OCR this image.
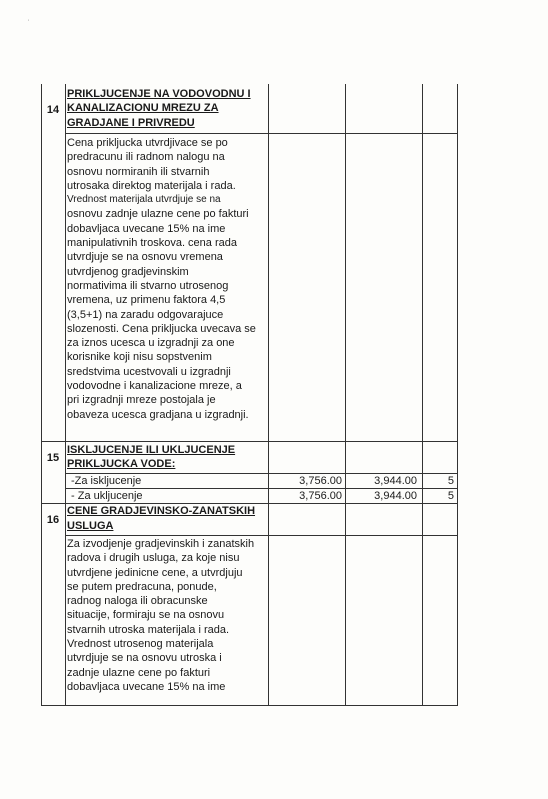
'
14
PRIKLJUCENJE NA VODOVODNU I
KANALIZACIONU MREZU ZA
GRADJANE I PRIVREDU
Cena prikljucka utvrdjivace se po
predracunu ili radnom nalogu na
osnovu normiranih ili stvarnih
utrosaka direktog materijala i rada.
Vrednost materijala utvrdjuje se na
osnovu zadnje ulazne cene po fakturi
dobavljaca uvecane 15% na ime
manipulativnih troskova. cena rada
utvrdjuje se na osnovu vremena
utvrdjenog gradjevinskim
normativima ili stvarno utrosenog
vremena, uz primenu faktora 4,5
(3,5+1) na zaradu odgovarajuce
slozenosti. Cena prikljucka uvecava se
za iznos ucesca u izgradnji za one
korisnike koji nisu sopstvenim
sredstvima ucestvovali u izgradnji
vodovodne i kanalizacione mreze, a
pri izgradnji mreze postojala je
obaveza ucesca gradjana u izgradnji.
15
ISKLJUCENJE ILI UKLJUCENJE
PRIKLJUCKA VODE:
-Za iskljucenje	3,756.00	3,944.00	5
- Za ukljucenje	3,756.00	3,944.00	5
16
CENE GRADJEVINSKO-ZANATSKIH
USLUGA
Za izvodjenje gradjevinskih i zanatskih
radova i drugih usluga, za koje nisu
utvrdjene jedinicne cene, a utvrdjuju
se putem predracuna, ponude,
radnog naloga ili obracunske
situacije, formiraju se na osnovu
stvarnih utroska materijala i rada.
Vrednost utrosenog materijala
utvrdjuje se na osnovu utroska i
zadnje ulazne cene po fakturi
dobavljaca uvecane 15% na ime
